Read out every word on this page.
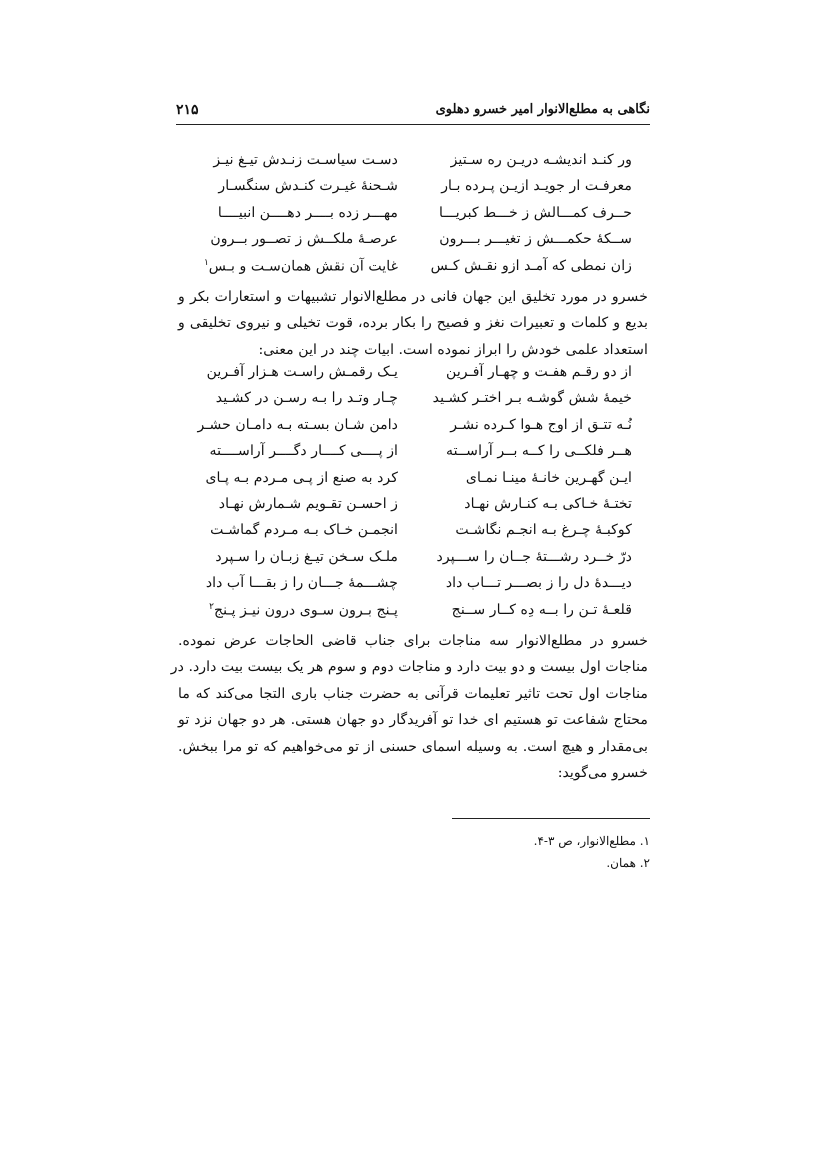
۲۱۵	نگاهی به مطلع‌الانوار امیر خسرو دهلوی
ور کنـد اندیشـه دریـن ره سـتیز
دسـت سیاسـت زنـدش تیـغ نیـز
معرفـت ار جویـد ازیـن پـرده بـار
شـحنهٔ غیـرت کنـدش سنگسـار
حــرف کمـــالش ز خـــط کبریـــا
مهـــر زده بــــر دهــــن انبیــــا
ســکهٔ حکمـــش ز تغیـــر بـــرون
عرصـهٔ ملکــش ز تصــور بــرون
زان نمطی که آمـد ازو نقـش کـس
غایت آن نقش همان‌سـت و بـس$^۱$
خسرو در مورد تخلیق این جهان فانی در مطلع‌الانوار تشبیهات و استعارات بکر و
بدیع و کلمات و تعبیرات نغز و فصیح را بکار برده، قوت تخیلی و نیروی تخلیقی و
استعداد علمی خودش را ابراز نموده است. ابیات چند در این معنی:
از دو رقـم هفـت و چهـار آفـرین
یـک رقمـش راسـت هـزار آفـرین
خیمهٔ شش گوشـه بـر اختـر کشـید
چـار وتـد را بـه رسـن در کشـید
نُـه تتـق از اوج هـوا کـرده نشـر
دامن شـان بسـته بـه دامـان حشـر
هــر فلکــی را کــه بــر آراســته
از پــــی کــــار دگــــر آراســــته
ایـن گهـرین خانـهٔ مینـا نمـای
کرد به صنع از پـی مـردم بـه پـای
تختـهٔ خـاکی بـه کنـارش نهـاد
ز احسـن تقـویم شـمارش نهـاد
کوکبـهٔ چـرغ بـه انجـم نگاشـت
انجمـن خـاک بـه مـردم گماشـت
درّ خــرد رشـــتهٔ جــان را ســـپرد
ملـک سـخن تیـغ زبـان را سـپرد
دیـــدهٔ دل را ز بصـــر تـــاب داد
چشـــمهٔ جـــان را ز بقـــا آب داد
قلعـهٔ تـن را بــه دِه کــار ســنج
پـنج بـرون سـوی درون نیـز پـنج$^۲$
خسرو در مطلع‌الانوار سه مناجات برای جناب قاضی الحاجات عرض نموده.
مناجات اول بیست و دو بیت دارد و مناجات دوم و سوم هر یک بیست بیت دارد. در
مناجات اول تحت تاثیر تعلیمات قرآنی به حضرت جناب باری التجا می‌کند که ما
محتاج شفاعت تو هستیم ای خدا تو آفریدگار دو جهان هستی. هر دو جهان نزد تو
بی‌مقدار و هیچ است. به وسیله اسمای حسنی از تو می‌خواهیم که تو مرا ببخش.
خسرو می‌گوید:
۱. مطلع‌الانوار، ص ۳-۴.
۲. همان.
